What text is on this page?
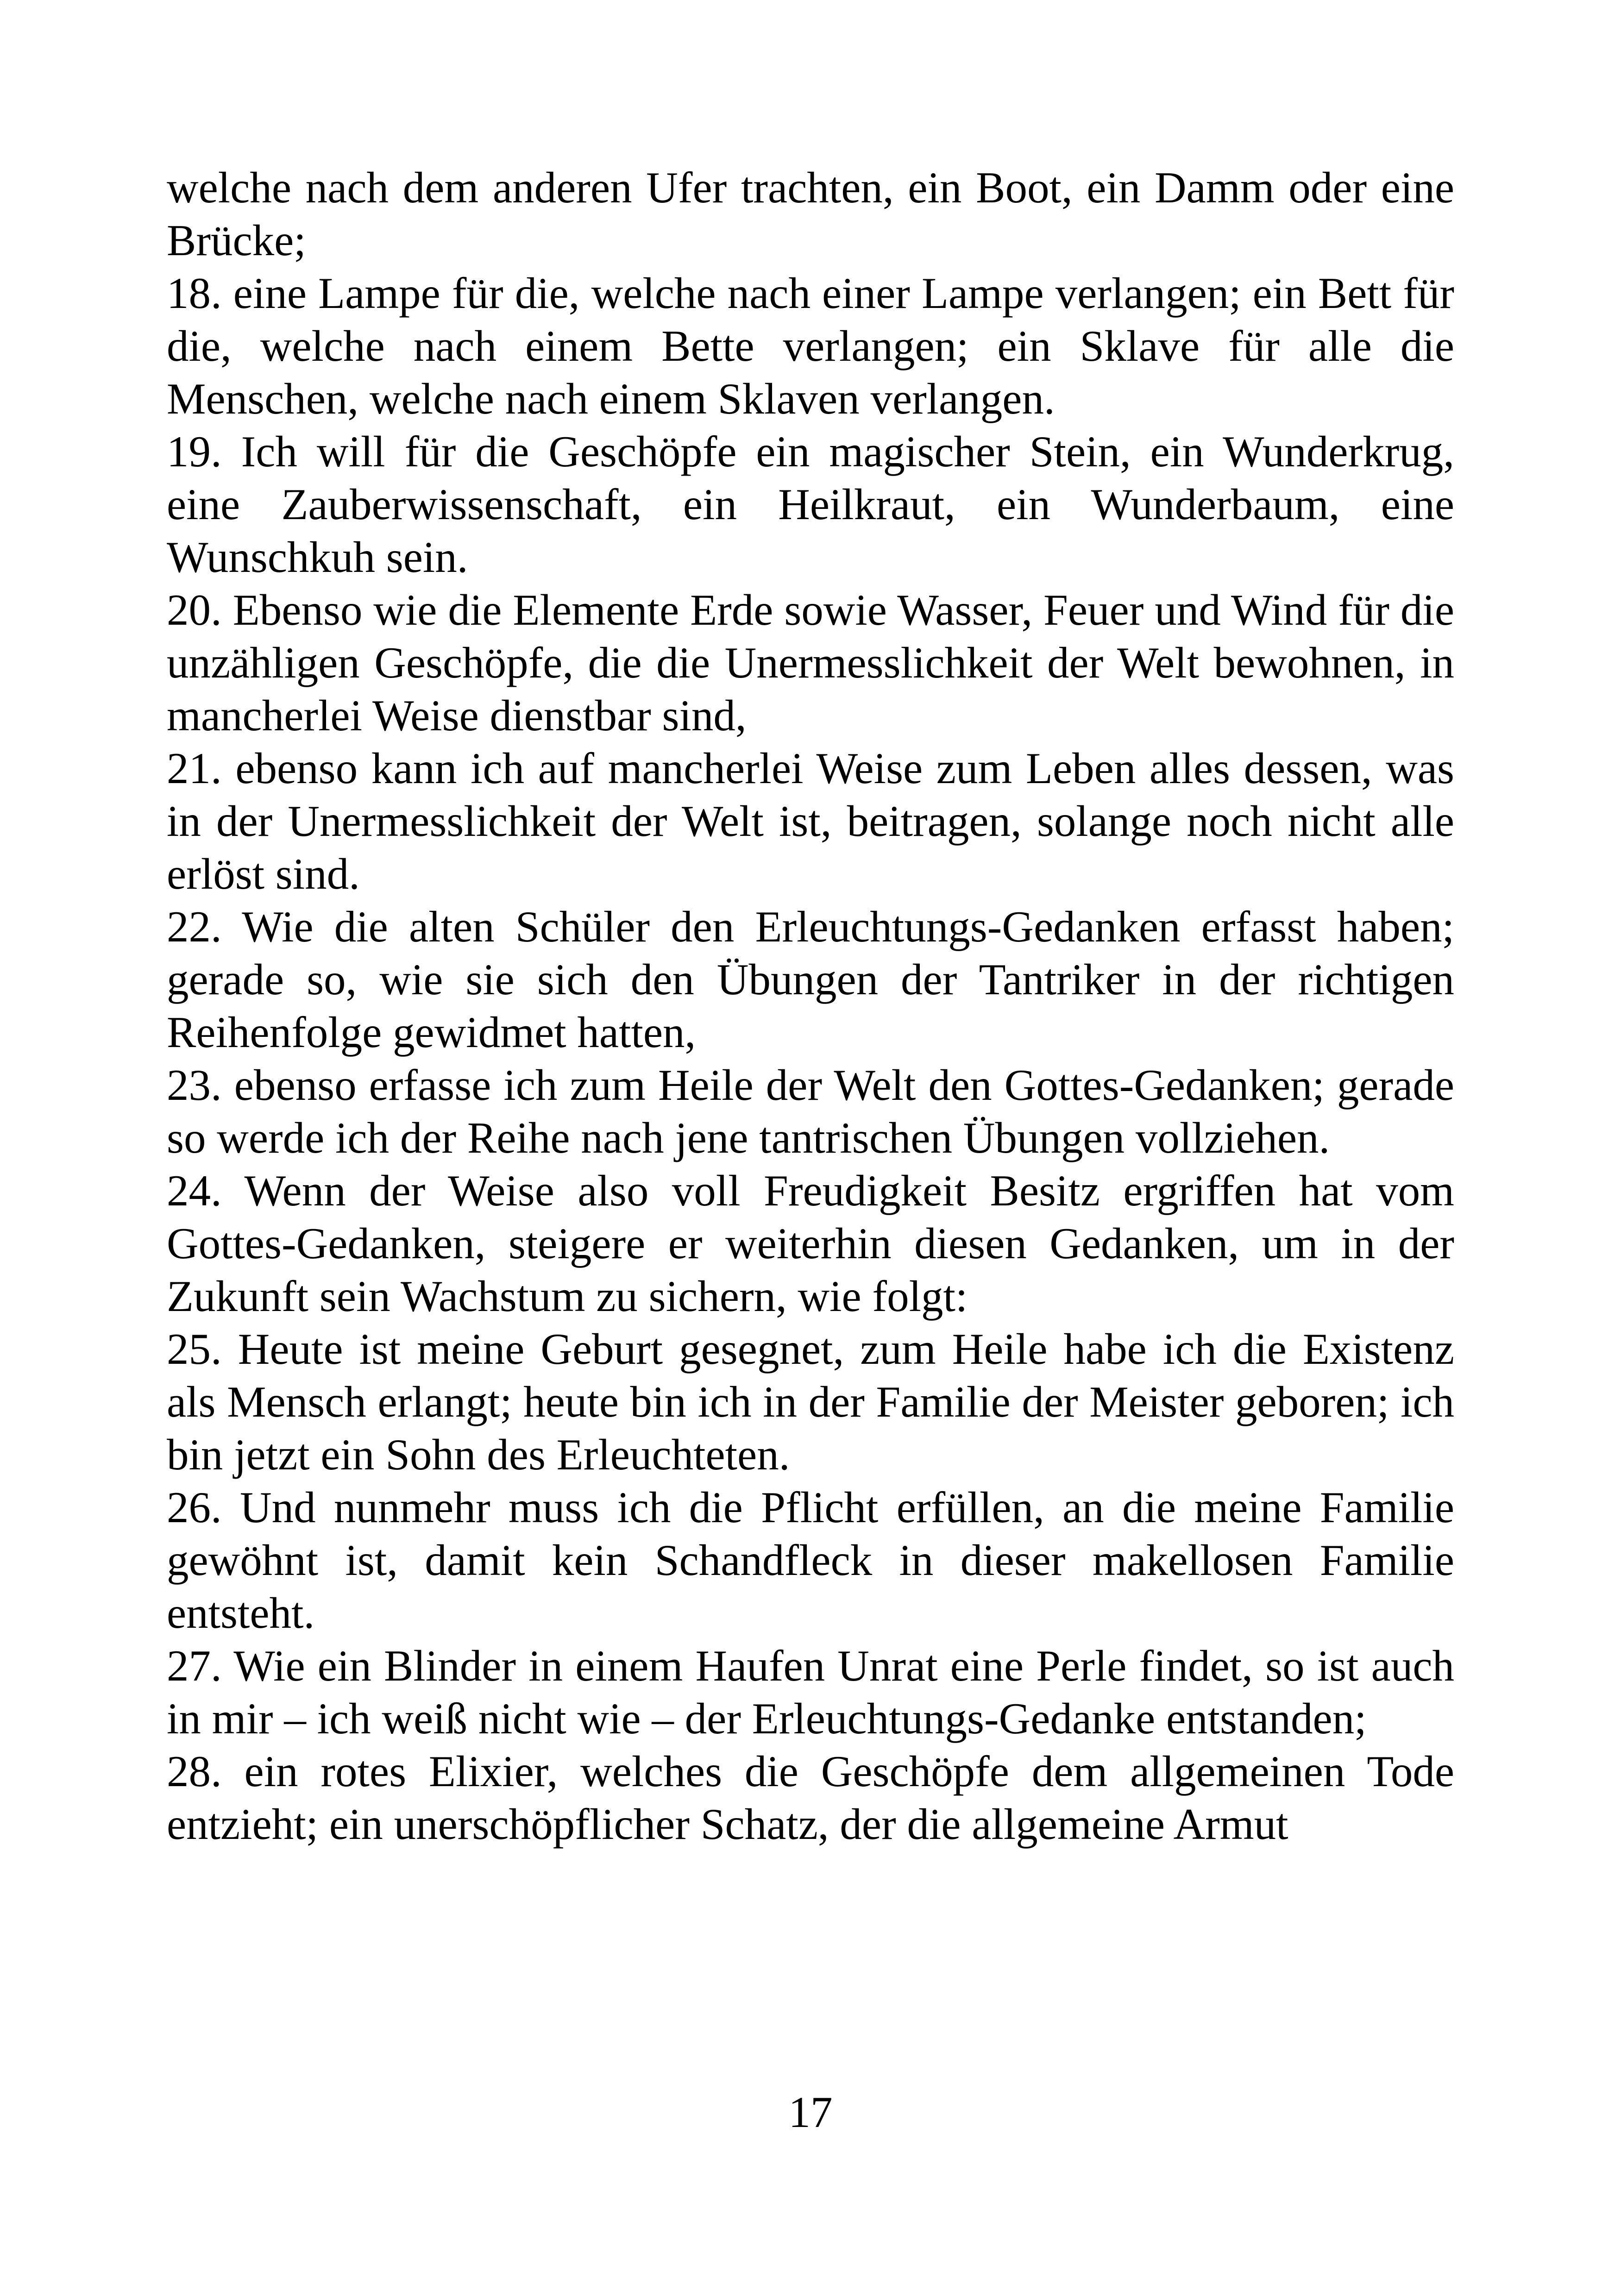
welche nach dem anderen Ufer trachten, ein Boot, ein Damm oder eine Brücke;

18. eine Lampe für die, welche nach einer Lampe verlangen; ein Bett für die, welche nach einem Bette verlangen; ein Sklave für alle die Menschen, welche nach einem Sklaven verlangen.

19. Ich will für die Geschöpfe ein magischer Stein, ein Wunderkrug, eine Zauberwissenschaft, ein Heilkraut, ein Wunderbaum, eine Wunschkuh sein.

20. Ebenso wie die Elemente Erde sowie Wasser, Feuer und Wind für die unzähligen Geschöpfe, die die Unermesslichkeit der Welt bewohnen, in mancherlei Weise dienstbar sind,

21. ebenso kann ich auf mancherlei Weise zum Leben alles dessen, was in der Unermesslichkeit der Welt ist, beitragen, solange noch nicht alle erlöst sind.

22. Wie die alten Schüler den Erleuchtungs-Gedanken erfasst haben; gerade so, wie sie sich den Übungen der Tantriker in der richtigen Reihenfolge gewidmet hatten,

23. ebenso erfasse ich zum Heile der Welt den Gottes-Gedanken; gerade so werde ich der Reihe nach jene tantrischen Übungen vollziehen.

24. Wenn der Weise also voll Freudigkeit Besitz ergriffen hat vom Gottes-Gedanken, steigere er weiterhin diesen Gedanken, um in der Zukunft sein Wachstum zu sichern, wie folgt:

25. Heute ist meine Geburt gesegnet, zum Heile habe ich die Existenz als Mensch erlangt; heute bin ich in der Familie der Meister geboren; ich bin jetzt ein Sohn des Erleuchteten.

26. Und nunmehr muss ich die Pflicht erfüllen, an die meine Familie gewöhnt ist, damit kein Schandfleck in dieser makellosen Familie entsteht.

27. Wie ein Blinder in einem Haufen Unrat eine Perle findet, so ist auch in mir – ich weiß nicht wie – der Erleuchtungs-Gedanke entstanden;

28. ein rotes Elixier, welches die Geschöpfe dem allgemeinen Tode entzieht; ein unerschöpflicher Schatz, der die allgemeine Armut

17
